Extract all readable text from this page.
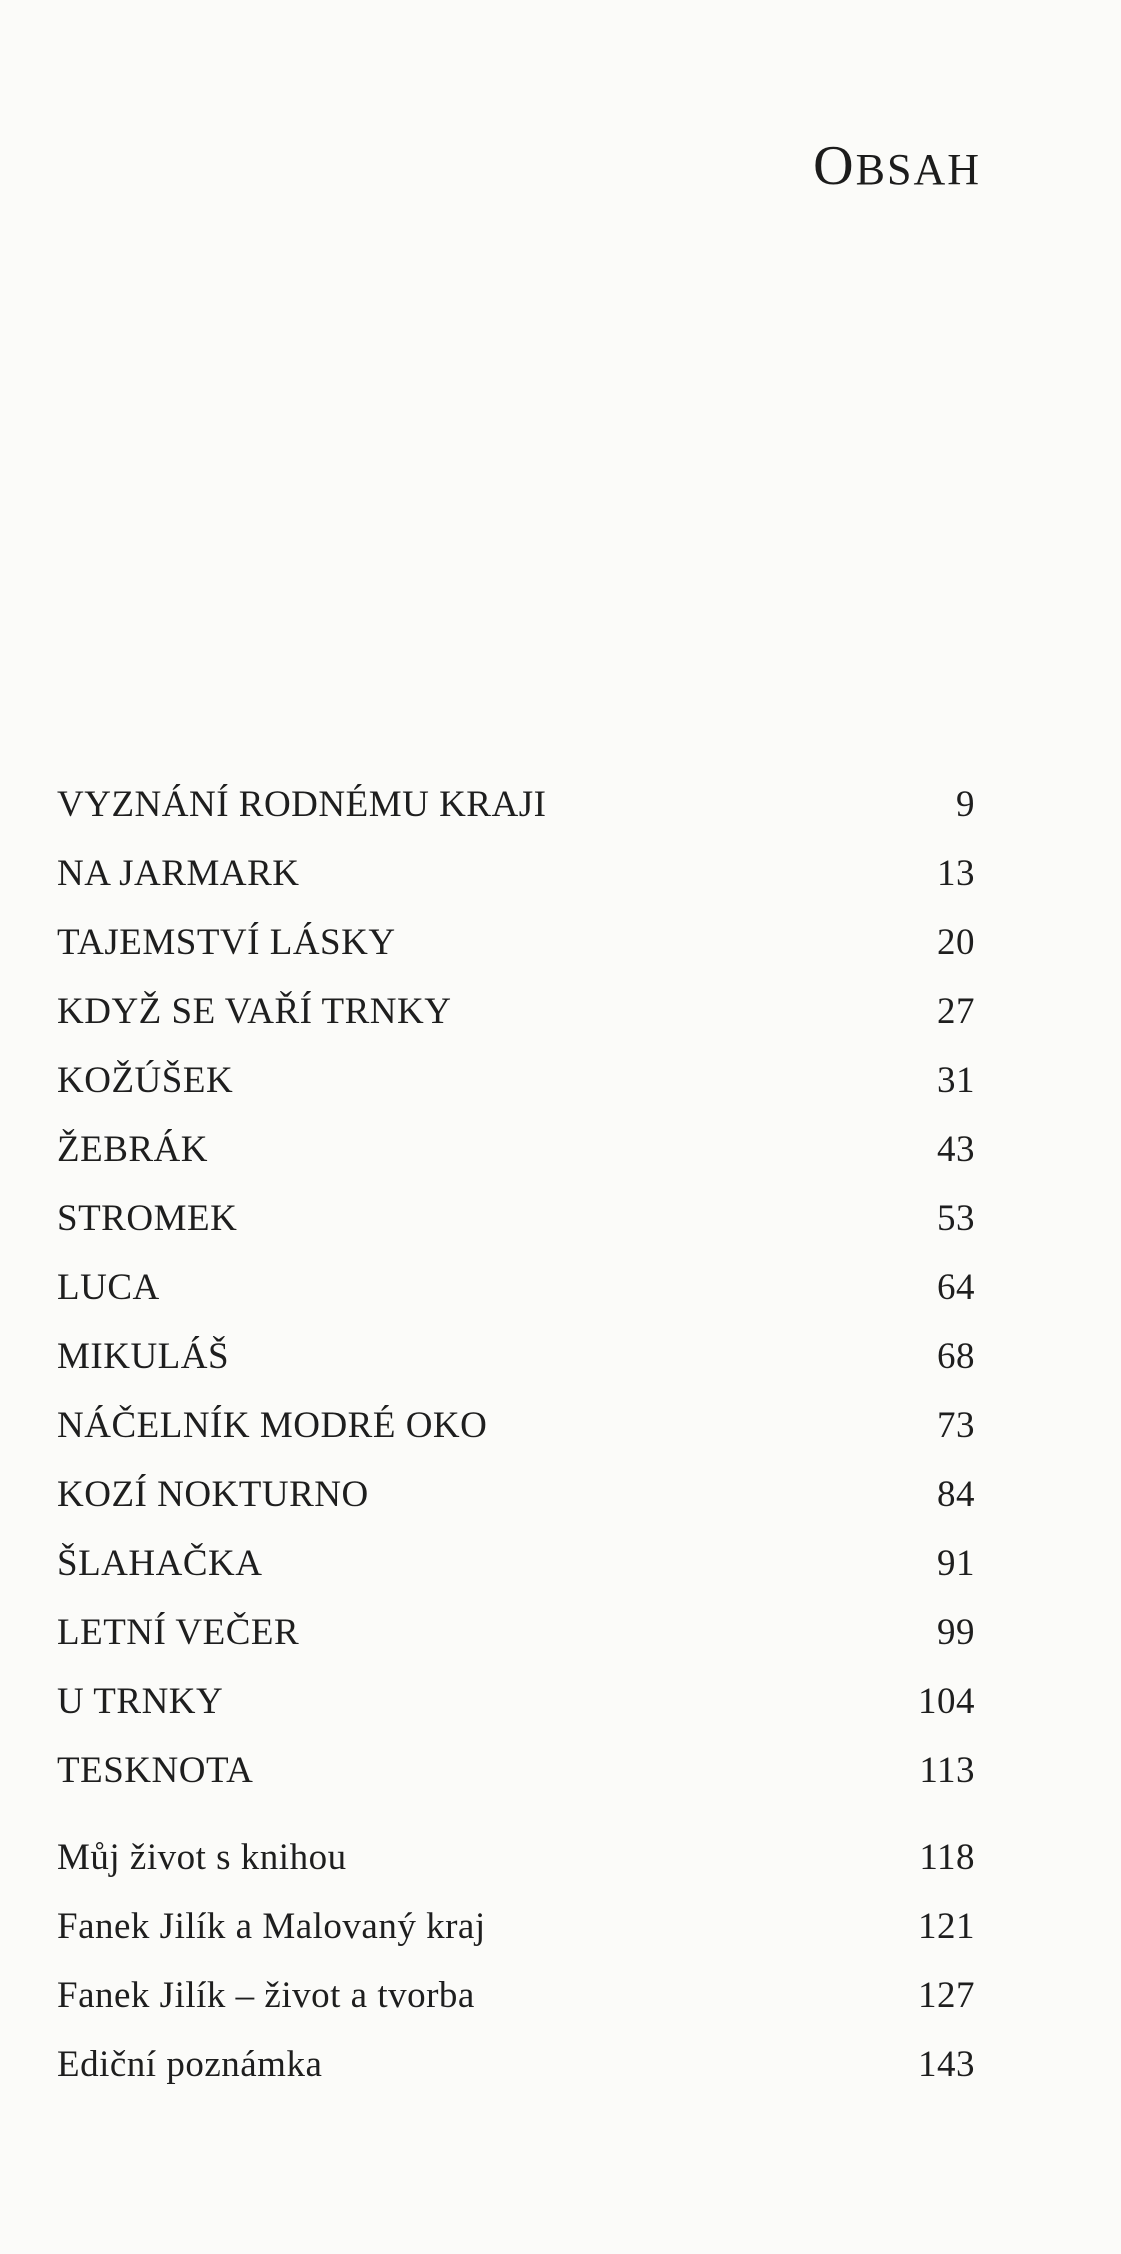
OBSAH
VYZNÁNÍ RODNÉMU KRAJI	9
NA JARMARK	13
TAJEMSTVÍ LÁSKY	20
KDYŽ SE VAŘÍ TRNKY	27
KOŽÚŠEK	31
ŽEBRÁK	43
STROMEK	53
LUCA	64
MIKULÁŠ	68
NÁČELNÍK MODRÉ OKO	73
KOZÍ NOKTURNO	84
ŠLAHAČKA	91
LETNÍ VEČER	99
U TRNKY	104
TESKNOTA	113
Můj život s knihou	118
Fanek Jilík a Malovaný kraj	121
Fanek Jilík – život a tvorba	127
Ediční poznámka	143
